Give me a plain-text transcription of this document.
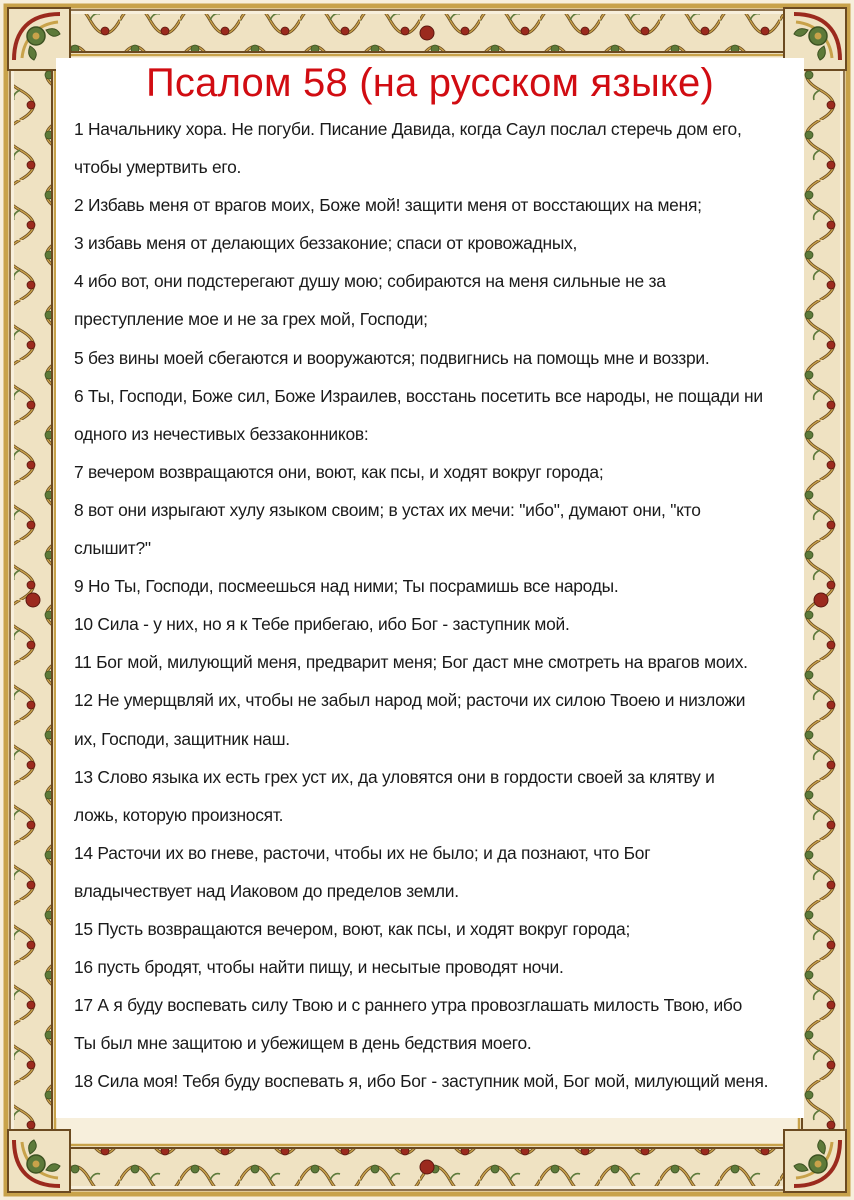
Псалом 58 (на русском языке)
1 Начальнику хора. Не погуби. Писание Давида, когда Саул послал стеречь дом его,
чтобы умертвить его.
2 Избавь меня от врагов моих, Боже мой! защити меня от восстающих на меня;
3 избавь меня от делающих беззаконие; спаси от кровожадных,
4 ибо вот, они подстерегают душу мою; собираются на меня сильные не за
преступление мое и не за грех мой, Господи;
5 без вины моей сбегаются и вооружаются; подвигнись на помощь мне и воззри.
6 Ты, Господи, Боже сил, Боже Израилев, восстань посетить все народы, не пощади ни
одного из нечестивых беззаконников:
7 вечером возвращаются они, воют, как псы, и ходят вокруг города;
8 вот они изрыгают хулу языком своим; в устах их мечи: "ибо", думают они, "кто
слышит?"
9 Но Ты, Господи, посмеешься над ними; Ты посрамишь все народы.
10 Сила - у них, но я к Тебе прибегаю, ибо Бог - заступник мой.
11 Бог мой, милующий меня, предварит меня; Бог даст мне смотреть на врагов моих.
12 Не умерщвляй их, чтобы не забыл народ мой; расточи их силою Твоею и низложи
их, Господи, защитник наш.
13 Слово языка их есть грех уст их, да уловятся они в гордости своей за клятву и
ложь, которую произносят.
14 Расточи их во гневе, расточи, чтобы их не было; и да познают, что Бог
владычествует над Иаковом до пределов земли.
15 Пусть возвращаются вечером, воют, как псы, и ходят вокруг города;
16 пусть бродят, чтобы найти пищу, и несытые проводят ночи.
17 А я буду воспевать силу Твою и с раннего утра провозглашать милость Твою, ибо
Ты был мне защитою и убежищем в день бедствия моего.
18 Сила моя! Тебя буду воспевать я, ибо Бог - заступник мой, Бог мой, милующий меня.
